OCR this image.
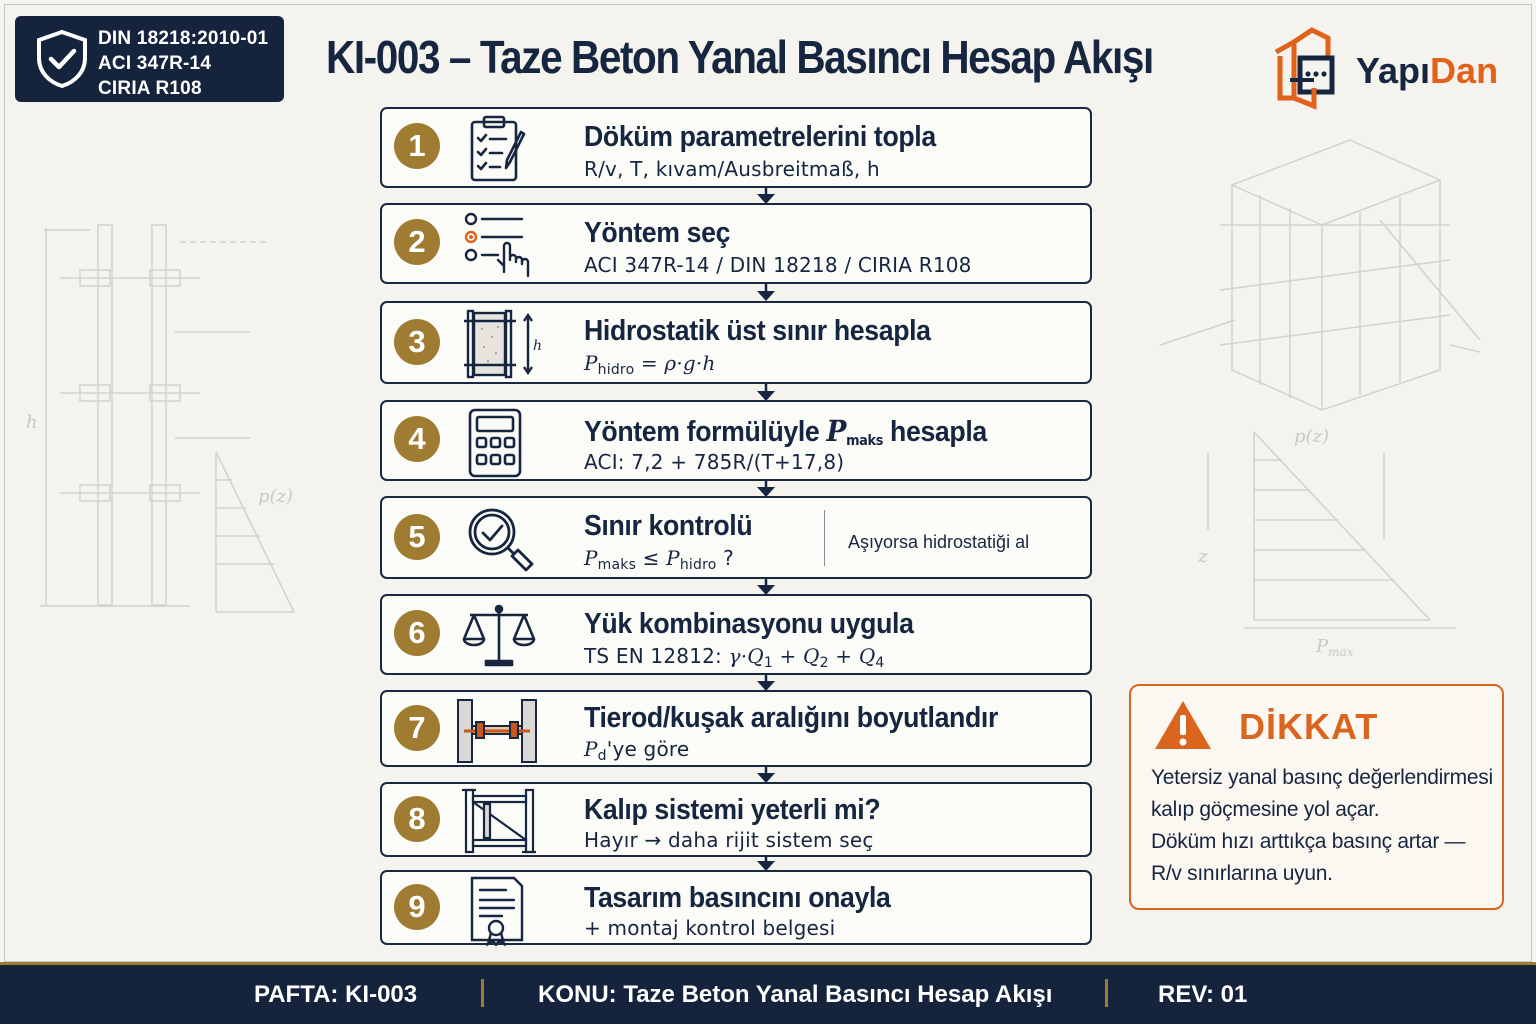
h
p(z)
p(z)
z
$P_{max}$
DIN 18218:2010-01
ACI 347R-14
CIRIA R108
KI-003 – Taze Beton Yanal Basıncı Hesap Akışı	YapıDan
1	Döküm parametrelerini topla
R/v, T, kıvam/Ausbreitmaß, h
2	Yöntem seç
ACI 347R-14 / DIN 18218 / CIRIA R108
3	h Hidrostatik üst sınır hesapla
$P_{hidro} = \rho\cdot g\cdot h$
4	Yöntem formülüyle Pmaks hesapla
ACI: 7,2 + 785R/(T+17,8)
5	Sınır kontrolü
$P_{maks} \le P_{hidro}$ ?
Aşıyorsa hidrostatiği al
6	Yük kombinasyonu uygula
TS EN 12812: $\gamma\cdot Q_1 + Q_2 + Q_4$
7	Tierod/kuşak aralığını boyutlandır
$P_d'ye$ göre
8	Kalıp sistemi yeterli mi?
Hayır → daha rijit sistem seç
9	Tasarım basıncını onayla
+ montaj kontrol belgesi
DİKKAT
Yetersiz yanal basınç değerlendirmesi
kalıp göçmesine yol açar.
Döküm hızı arttıkça basınç artar —
R/v sınırlarına uyun.
PAFTA: KI-003	KONU: Taze Beton Yanal Basıncı Hesap Akışı	REV: 01
